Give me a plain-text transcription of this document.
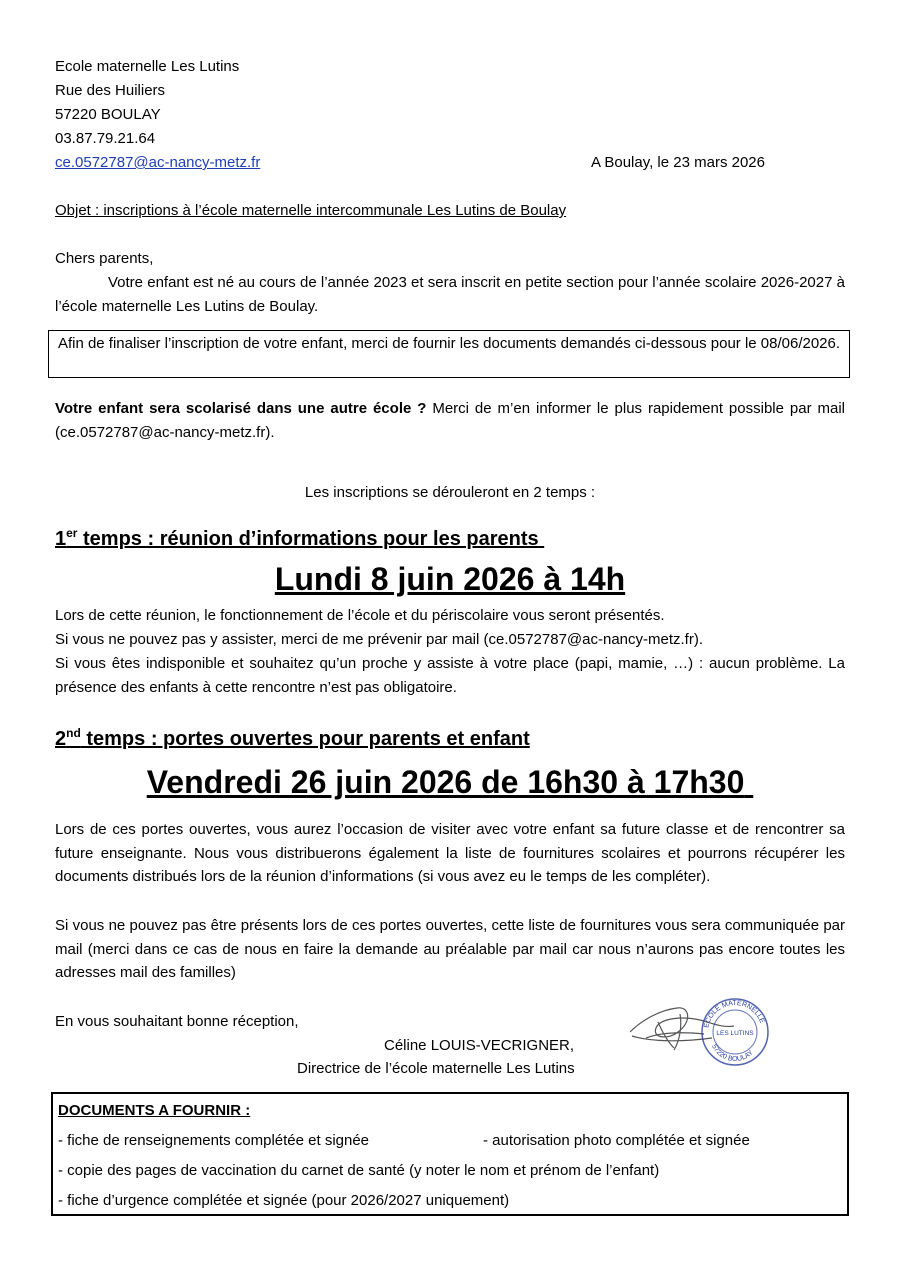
Ecole maternelle Les Lutins
Rue des Huiliers
57220 BOULAY
03.87.79.21.64
ce.0572787@ac-nancy-metz.fr	A Boulay, le 23 mars 2026
Objet : inscriptions à l’école maternelle intercommunale Les Lutins de Boulay
Chers parents,
Votre enfant est né au cours de l’année 2023 et sera inscrit en petite section pour l’année scolaire 2026-2027 à l’école maternelle Les Lutins de Boulay.
Afin de finaliser l’inscription de votre enfant, merci de fournir les documents demandés ci-dessous pour le 08/06/2026.
Votre enfant sera scolarisé dans une autre école ? Merci de m’en informer le plus rapidement possible par mail (ce.0572787@ac-nancy-metz.fr).
Les inscriptions se dérouleront en 2 temps :
1er temps : réunion d’informations pour les parents
Lundi 8 juin 2026 à 14h
Lors de cette réunion, le fonctionnement de l’école et du périscolaire vous seront présentés.
Si vous ne pouvez pas y assister, merci de me prévenir par mail (ce.0572787@ac-nancy-metz.fr).
Si vous êtes indisponible et souhaitez qu’un proche y assiste à votre place (papi, mamie, …) : aucun problème. La présence des enfants à cette rencontre n’est pas obligatoire.
2nd temps : portes ouvertes pour parents et enfant
Vendredi 26 juin 2026 de 16h30 à 17h30
Lors de ces portes ouvertes, vous aurez l’occasion de visiter avec votre enfant sa future classe et de rencontrer sa future enseignante. Nous vous distribuerons également la liste de fournitures scolaires et pourrons récupérer les documents distribués lors de la réunion d’informations (si vous avez eu le temps de les compléter).
Si vous ne pouvez pas être présents lors de ces portes ouvertes, cette liste de fournitures vous sera communiquée par mail (merci dans ce cas de nous en faire la demande au préalable par mail car nous n’aurons pas encore toutes les adresses mail des familles)
En vous souhaitant bonne réception,
Céline LOUIS-VECRIGNER,
Directrice de l’école maternelle Les Lutins
ECOLE MATERNELLE
LES LUTINS
57220 BOULAY
DOCUMENTS A FOURNIR :
- fiche de renseignements complétée et signée	- autorisation photo complétée et signée
- copie des pages de vaccination du carnet de santé (y noter le nom et prénom de l’enfant)
- fiche d’urgence complétée et signée (pour 2026/2027 uniquement)
